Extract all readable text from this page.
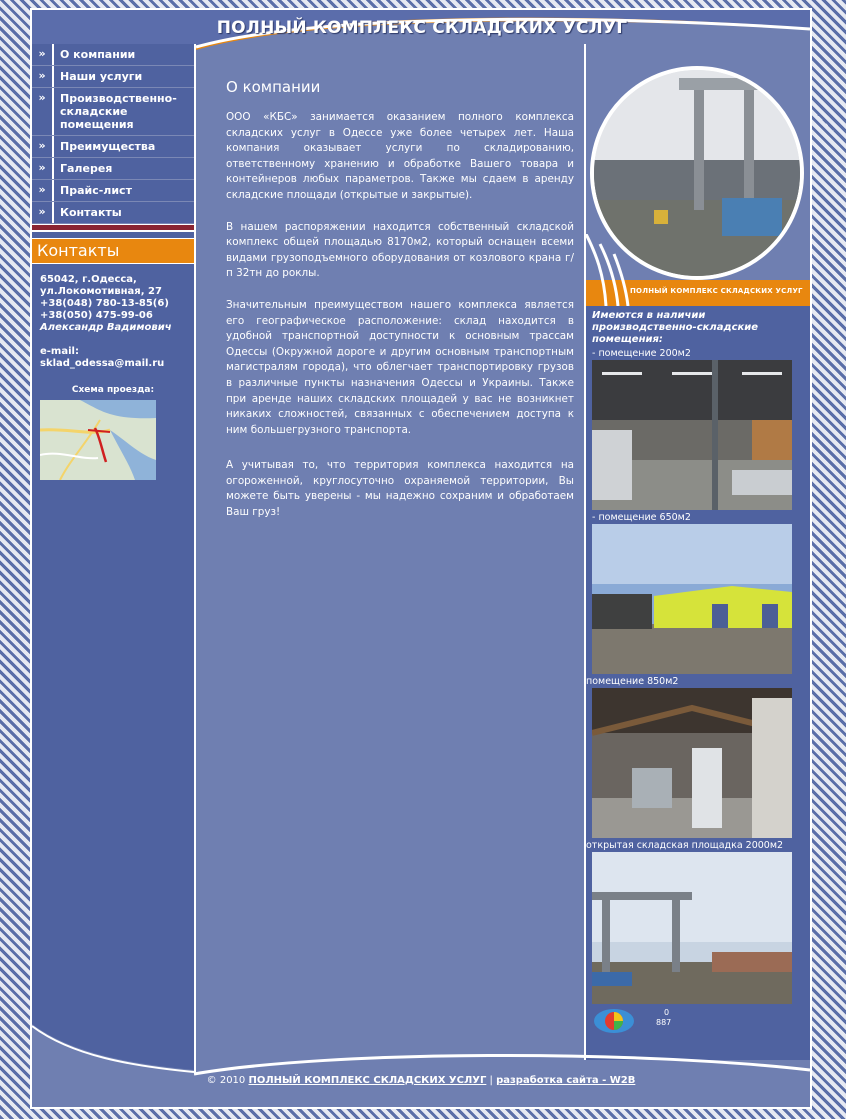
ПОЛНЫЙ КОМПЛЕКС СКЛАДСКИХ УСЛУГ
»	О компании
»	Наши услуги
»	Производственно-
складские
помещения
»	Преимущества
»	Галерея
»	Прайс-лист
»	Контакты
Контакты
65042, г.Одесса,
ул.Локомотивная, 27
+38(048) 780-13-85(6)
+38(050) 475-99-06
Александр Вадимович
e-mail:
sklad_odessa@mail.ru
Схема проезда:
О компании

ООО «КБС» занимается оказанием полного комплекса складских услуг в Одессе уже более четырех лет. Наша компания оказывает услуги по складированию, ответственному хранению и обработке Вашего товара и контейнеров любых параметров. Также мы сдаем в аренду складские площади (открытые и закрытые).

В нашем распоряжении находится собственный складской комплекс общей площадью 8170м2, который оснащен всеми видами грузоподъемного оборудования от козлового крана г/п 32тн до роклы.

Значительным преимуществом нашего комплекса является его географическое расположение: склад находится в удобной транспортной доступности к основным трассам Одессы (Окружной дороге и другим основным транспортным магистралям города), что облегчает транспортировку грузов в различные пункты назначения Одессы и Украины. Также при аренде наших складских площадей у вас не возникнет никаких сложностей, связанных с обеспечением доступа к ним большегрузного транспорта.

А учитывая то, что территория комплекса находится на огороженной, круглосуточно охраняемой территории, Вы можете быть уверены - мы надежно сохраним и обработаем Ваш груз!

ПОЛНЫЙ КОМПЛЕКС СКЛАДСКИХ УСЛУГ
Имеются в наличии производственно-складские помещения:
- помещение 200м2
- помещение 650м2
помещение 850м2
открытая складская площадка 2000м2
0
887
© 2010 ПОЛНЫЙ КОМПЛЕКС СКЛАДСКИХ УСЛУГ | разработка сайта - W2B
